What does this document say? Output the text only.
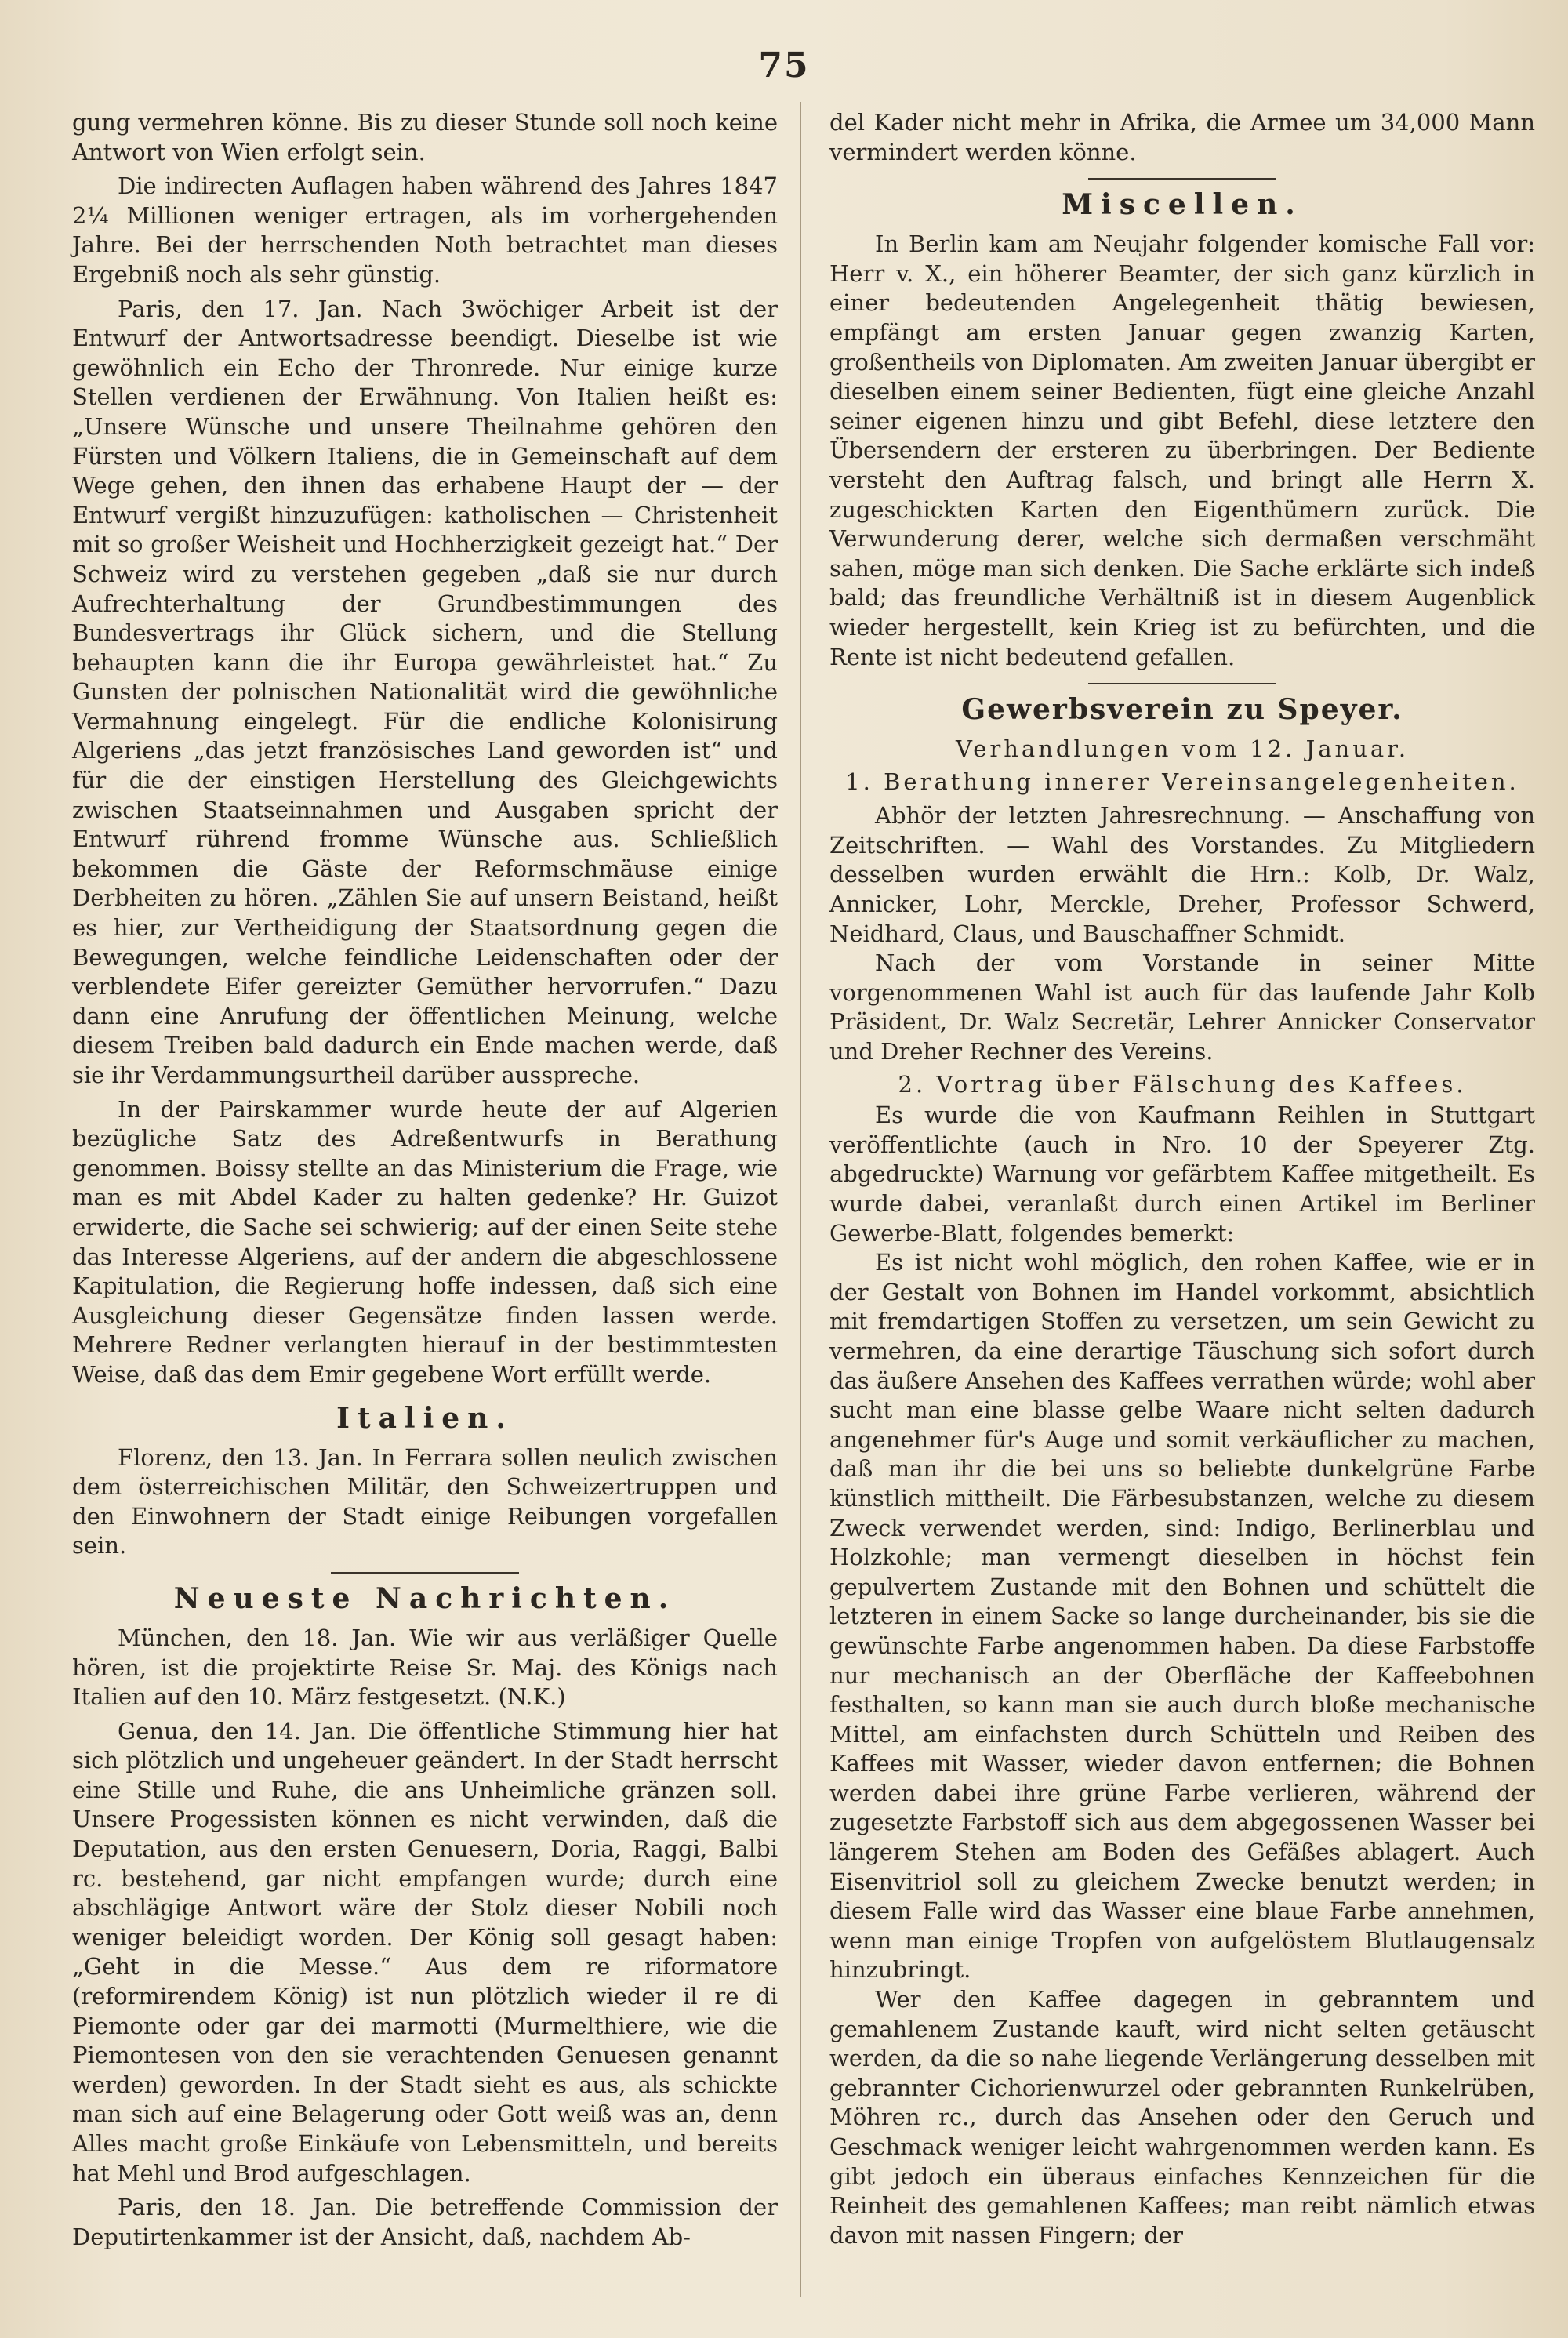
75

gung vermehren könne. Bis zu dieser Stunde soll noch keine Antwort von Wien erfolgt sein.

Die indirecten Auflagen haben während des Jahres 1847 2¼ Millionen weniger ertragen, als im vorhergehenden Jahre. Bei der herrschenden Noth betrachtet man dieses Ergebniß noch als sehr günstig.

Paris, den 17. Jan. Nach 3wöchiger Arbeit ist der Entwurf der Antwortsadresse beendigt. Dieselbe ist wie gewöhnlich ein Echo der Thronrede. Nur einige kurze Stellen verdienen der Erwähnung. Von Italien heißt es: „Unsere Wünsche und unsere Theilnahme gehören den Fürsten und Völkern Italiens, die in Gemeinschaft auf dem Wege gehen, den ihnen das erhabene Haupt der — der Entwurf vergißt hinzuzufügen: katholischen — Christenheit mit so großer Weisheit und Hochherzigkeit gezeigt hat.“ Der Schweiz wird zu verstehen gegeben „daß sie nur durch Aufrechterhaltung der Grundbestimmungen des Bundesvertrags ihr Glück sichern, und die Stellung behaupten kann die ihr Europa gewährleistet hat.“ Zu Gunsten der polnischen Nationalität wird die gewöhnliche Vermahnung eingelegt. Für die endliche Kolonisirung Algeriens „das jetzt französisches Land geworden ist“ und für die der einstigen Herstellung des Gleichgewichts zwischen Staatseinnahmen und Ausgaben spricht der Entwurf rührend fromme Wünsche aus. Schließlich bekommen die Gäste der Reformschmäuse einige Derbheiten zu hören. „Zählen Sie auf unsern Beistand, heißt es hier, zur Vertheidigung der Staatsordnung gegen die Bewegungen, welche feindliche Leidenschaften oder der verblendete Eifer gereizter Gemüther hervorrufen.“ Dazu dann eine Anrufung der öffentlichen Meinung, welche diesem Treiben bald dadurch ein Ende machen werde, daß sie ihr Verdammungsurtheil darüber ausspreche.

In der Pairskammer wurde heute der auf Algerien bezügliche Satz des Adreßentwurfs in Berathung genommen. Boissy stellte an das Ministerium die Frage, wie man es mit Abdel Kader zu halten gedenke? Hr. Guizot erwiderte, die Sache sei schwierig; auf der einen Seite stehe das Interesse Algeriens, auf der andern die abgeschlossene Kapitulation, die Regierung hoffe indessen, daß sich eine Ausgleichung dieser Gegensätze finden lassen werde. Mehrere Redner verlangten hierauf in der bestimmtesten Weise, daß das dem Emir gegebene Wort erfüllt werde.

Italien.

Florenz, den 13. Jan. In Ferrara sollen neulich zwischen dem österreichischen Militär, den Schweizertruppen und den Einwohnern der Stadt einige Reibungen vorgefallen sein.

Neueste Nachrichten.

München, den 18. Jan. Wie wir aus verläßiger Quelle hören, ist die projektirte Reise Sr. Maj. des Königs nach Italien auf den 10. März festgesetzt. (N.K.)

Genua, den 14. Jan. Die öffentliche Stimmung hier hat sich plötzlich und ungeheuer geändert. In der Stadt herrscht eine Stille und Ruhe, die ans Unheimliche gränzen soll. Unsere Progessisten können es nicht verwinden, daß die Deputation, aus den ersten Genuesern, Doria, Raggi, Balbi rc. bestehend, gar nicht empfangen wurde; durch eine abschlägige Antwort wäre der Stolz dieser Nobili noch weniger beleidigt worden. Der König soll gesagt haben: „Geht in die Messe.“ Aus dem re riformatore (reformirendem König) ist nun plötzlich wieder il re di Piemonte oder gar dei marmotti (Murmelthiere, wie die Piemontesen von den sie verachtenden Genuesen genannt werden) geworden. In der Stadt sieht es aus, als schickte man sich auf eine Belagerung oder Gott weiß was an, denn Alles macht große Einkäufe von Lebensmitteln, und bereits hat Mehl und Brod aufgeschlagen.

Paris, den 18. Jan. Die betreffende Commission der Deputirtenkammer ist der Ansicht, daß, nachdem Ab-

del Kader nicht mehr in Afrika, die Armee um 34,000 Mann vermindert werden könne.

Miscellen.

In Berlin kam am Neujahr folgender komische Fall vor: Herr v. X., ein höherer Beamter, der sich ganz kürzlich in einer bedeutenden Angelegenheit thätig bewiesen, empfängt am ersten Januar gegen zwanzig Karten, großentheils von Diplomaten. Am zweiten Januar übergibt er dieselben einem seiner Bedienten, fügt eine gleiche Anzahl seiner eigenen hinzu und gibt Befehl, diese letztere den Übersendern der ersteren zu überbringen. Der Bediente versteht den Auftrag falsch, und bringt alle Herrn X. zugeschickten Karten den Eigenthümern zurück. Die Verwunderung derer, welche sich dermaßen verschmäht sahen, möge man sich denken. Die Sache erklärte sich indeß bald; das freundliche Verhältniß ist in diesem Augenblick wieder hergestellt, kein Krieg ist zu befürchten, und die Rente ist nicht bedeutend gefallen.

Gewerbsverein zu Speyer.
Verhandlungen vom 12. Januar.
1. Berathung innerer Vereinsangelegenheiten.

Abhör der letzten Jahresrechnung. — Anschaffung von Zeitschriften. — Wahl des Vorstandes. Zu Mitgliedern desselben wurden erwählt die Hrn.: Kolb, Dr. Walz, Annicker, Lohr, Merckle, Dreher, Professor Schwerd, Neidhard, Claus, und Bauschaffner Schmidt.

Nach der vom Vorstande in seiner Mitte vorgenommenen Wahl ist auch für das laufende Jahr Kolb Präsident, Dr. Walz Secretär, Lehrer Annicker Conservator und Dreher Rechner des Vereins.

2. Vortrag über Fälschung des Kaffees.

Es wurde die von Kaufmann Reihlen in Stuttgart veröffentlichte (auch in Nro. 10 der Speyerer Ztg. abgedruckte) Warnung vor gefärbtem Kaffee mitgetheilt. Es wurde dabei, veranlaßt durch einen Artikel im Berliner Gewerbe-Blatt, folgendes bemerkt:

Es ist nicht wohl möglich, den rohen Kaffee, wie er in der Gestalt von Bohnen im Handel vorkommt, absichtlich mit fremdartigen Stoffen zu versetzen, um sein Gewicht zu vermehren, da eine derartige Täuschung sich sofort durch das äußere Ansehen des Kaffees verrathen würde; wohl aber sucht man eine blasse gelbe Waare nicht selten dadurch angenehmer für's Auge und somit verkäuflicher zu machen, daß man ihr die bei uns so beliebte dunkelgrüne Farbe künstlich mittheilt. Die Färbesubstanzen, welche zu diesem Zweck verwendet werden, sind: Indigo, Berlinerblau und Holzkohle; man vermengt dieselben in höchst fein gepulvertem Zustande mit den Bohnen und schüttelt die letzteren in einem Sacke so lange durcheinander, bis sie die gewünschte Farbe angenommen haben. Da diese Farbstoffe nur mechanisch an der Oberfläche der Kaffeebohnen festhalten, so kann man sie auch durch bloße mechanische Mittel, am einfachsten durch Schütteln und Reiben des Kaffees mit Wasser, wieder davon entfernen; die Bohnen werden dabei ihre grüne Farbe verlieren, während der zugesetzte Farbstoff sich aus dem abgegossenen Wasser bei längerem Stehen am Boden des Gefäßes ablagert. Auch Eisenvitriol soll zu gleichem Zwecke benutzt werden; in diesem Falle wird das Wasser eine blaue Farbe annehmen, wenn man einige Tropfen von aufgelöstem Blutlaugensalz hinzubringt.

Wer den Kaffee dagegen in gebranntem und gemahlenem Zustande kauft, wird nicht selten getäuscht werden, da die so nahe liegende Verlängerung desselben mit gebrannter Cichorienwurzel oder gebrannten Runkelrüben, Möhren rc., durch das Ansehen oder den Geruch und Geschmack weniger leicht wahrgenommen werden kann. Es gibt jedoch ein überaus einfaches Kennzeichen für die Reinheit des gemahlenen Kaffees; man reibt nämlich etwas davon mit nassen Fingern; der
